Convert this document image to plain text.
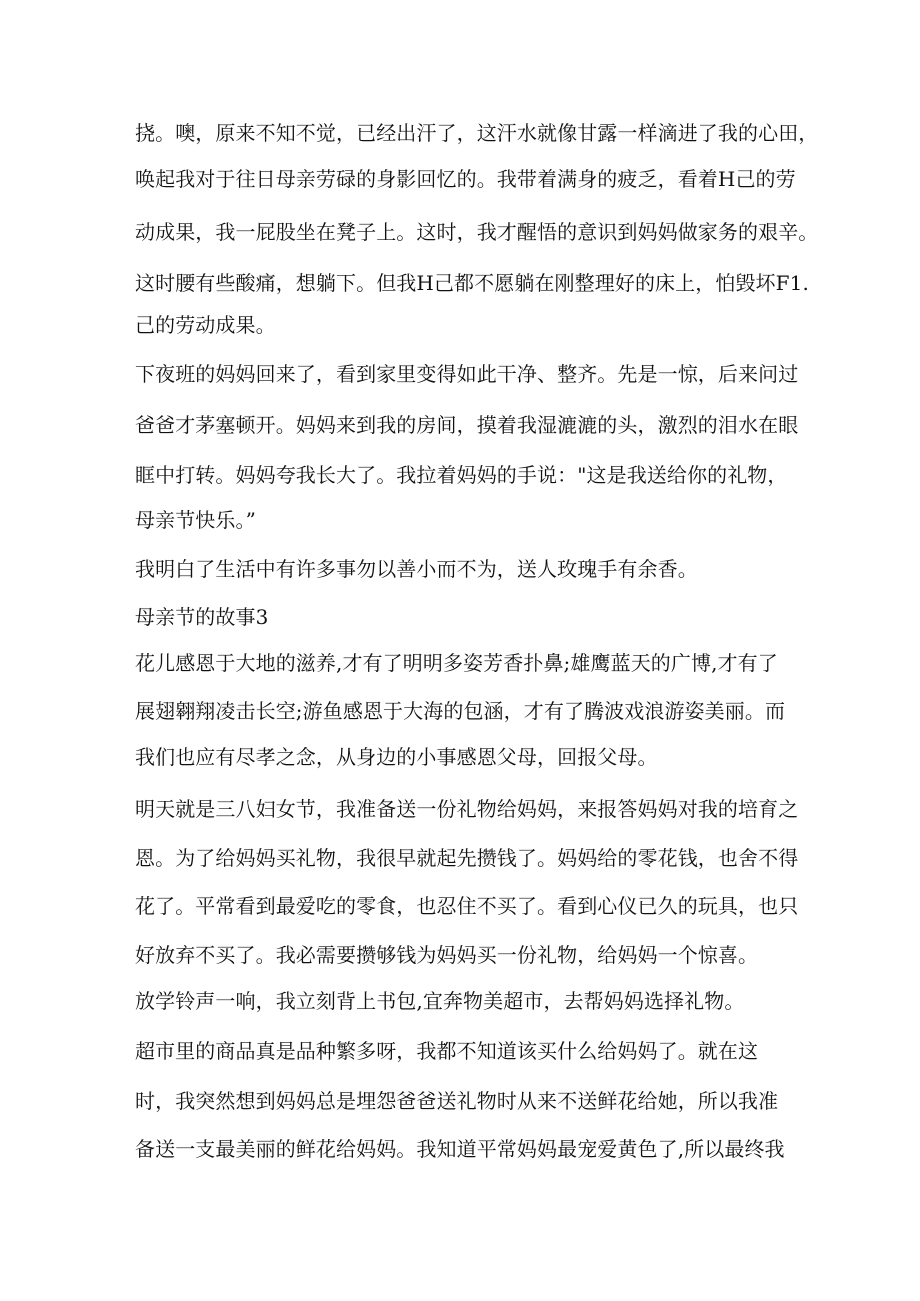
挠。噢，原来不知不觉，已经出汗了，这汗水就像甘露一样滴进了我的心田，
唤起我对于往日母亲劳碌的身影回忆的。我带着满身的疲乏，看着H己的劳
动成果，我一屁股坐在凳子上。这时，我才醒悟的意识到妈妈做家务的艰辛。
这时腰有些酸痛，想躺下。但我H己都不愿躺在刚整理好的床上，怕毁坏F1.
己的劳动成果。
下夜班的妈妈回来了，看到家里变得如此干净、整齐。先是一惊，后来问过
爸爸才茅塞顿开。妈妈来到我的房间，摸着我湿漉漉的头，激烈的泪水在眼
眶中打转。妈妈夸我长大了。我拉着妈妈的手说："这是我送给你的礼物，
母亲节快乐。”
我明白了生活中有许多事勿以善小而不为，送人玫瑰手有余香。
母亲节的故事3
花儿感恩于大地的滋养,才有了明明多姿芳香扑鼻;雄鹰蓝天的广博,才有了
展翅翱翔凌击长空;游鱼感恩于大海的包涵，才有了腾波戏浪游姿美丽。而
我们也应有尽孝之念，从身边的小事感恩父母，回报父母。
明天就是三八妇女节，我准备送一份礼物给妈妈，来报答妈妈对我的培育之
恩。为了给妈妈买礼物，我很早就起先攒钱了。妈妈给的零花钱，也舍不得
花了。平常看到最爱吃的零食，也忍住不买了。看到心仪已久的玩具，也只
好放弃不买了。我必需要攒够钱为妈妈买一份礼物，给妈妈一个惊喜。
放学铃声一响，我立刻背上书包,宜奔物美超市，去帮妈妈选择礼物。
超市里的商品真是品种繁多呀，我都不知道该买什么给妈妈了。就在这
时，我突然想到妈妈总是埋怨爸爸送礼物时从来不送鲜花给她，所以我准
备送一支最美丽的鲜花给妈妈。我知道平常妈妈最宠爱黄色了,所以最终我
